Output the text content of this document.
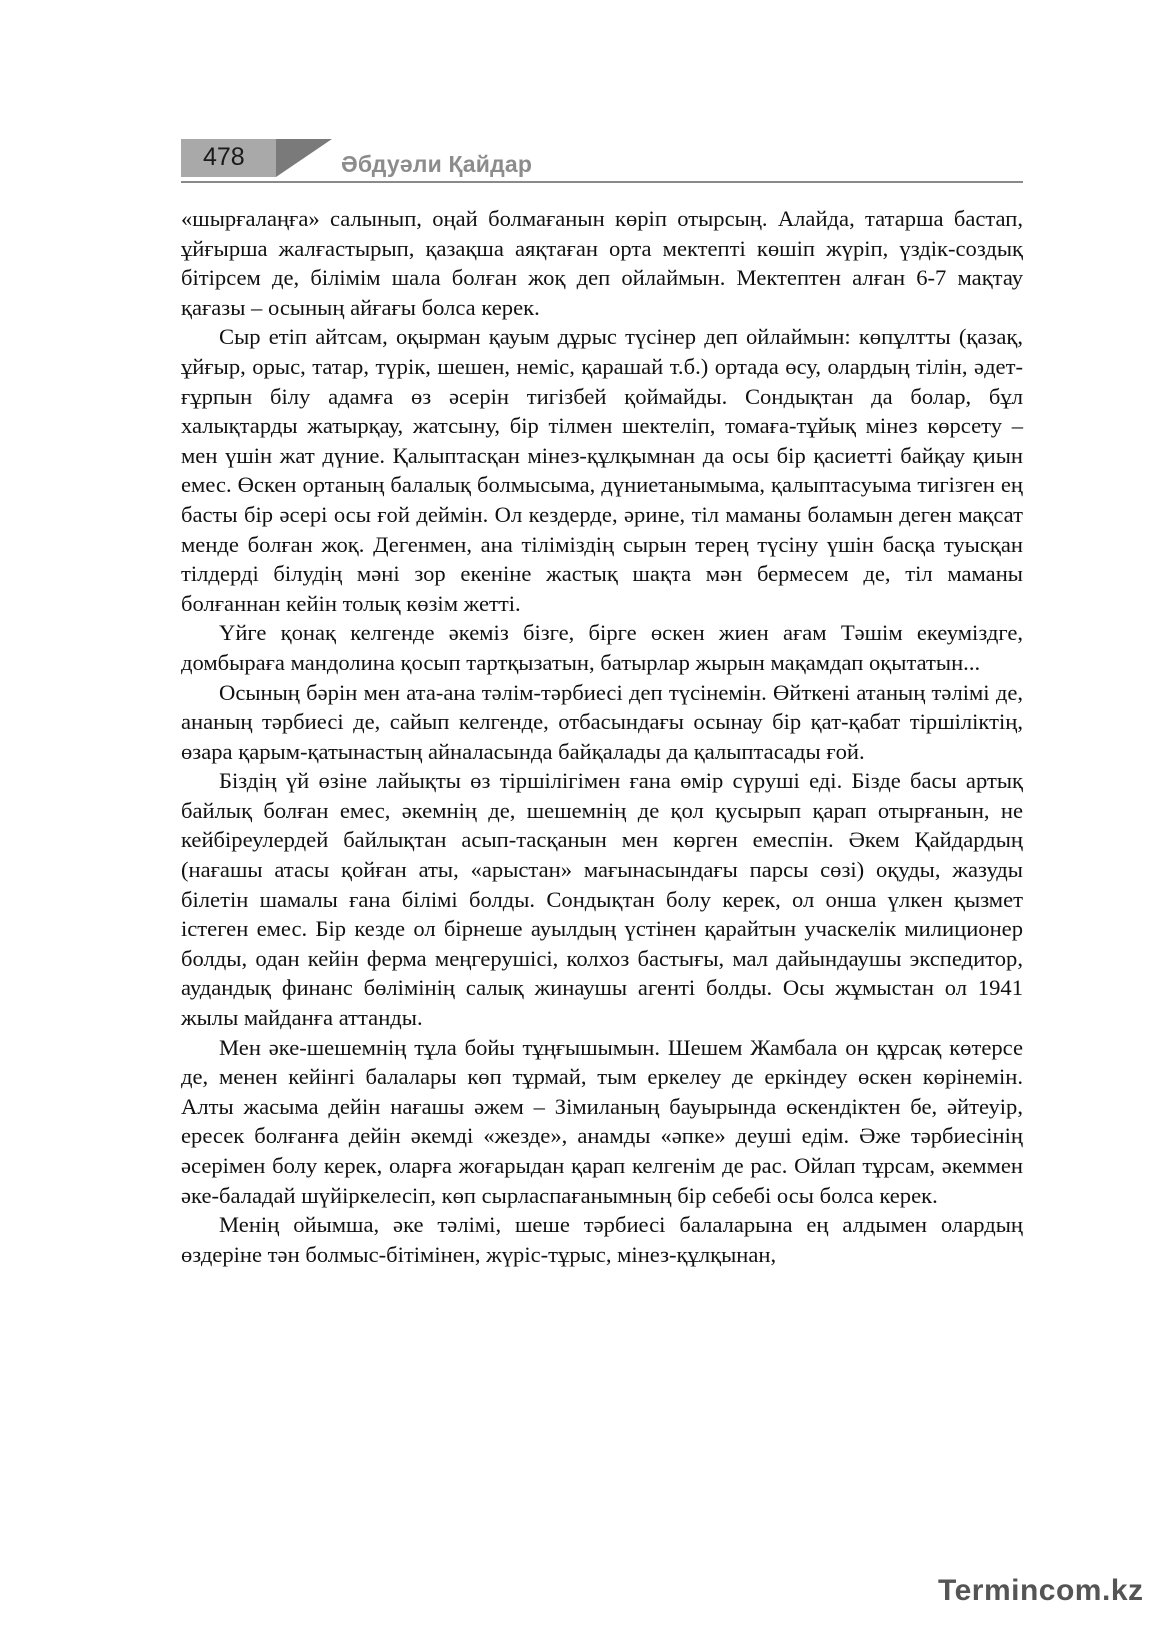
478	Әбдуәли Қайдар

«шырғалаңға» салынып, оңай болмағанын көріп отырсың. Алайда, татарша бастап, ұйғырша жалғастырып, қазақша аяқтаған орта мектепті көшіп жүріп, үздік-создық бітірсем де, білімім шала болған жоқ деп ойлаймын. Мектептен алған 6-7 мақтау қағазы – осының айғағы болса керек.

Сыр етіп айтсам, оқырман қауым дұрыс түсінер деп ойлаймын: көпұлтты (қазақ, ұйғыр, орыс, татар, түрік, шешен, неміс, қарашай т.б.) ортада өсу, олардың тілін, әдет-ғұрпын білу адамға өз әсерін тигізбей қоймайды. Сондықтан да болар, бұл халықтарды жатырқау, жатсыну, бір тілмен шектеліп, томаға-тұйық мінез көрсету – мен үшін жат дүние. Қалыптасқан мінез-құлқымнан да осы бір қасиетті байқау қиын емес. Өскен ортаның балалық болмысыма, дүниетанымыма, қалыптасуыма тигізген ең басты бір әсері осы ғой деймін. Ол кездерде, әрине, тіл маманы боламын деген мақсат менде болған жоқ. Дегенмен, ана тіліміздің сырын терең түсіну үшін басқа туысқан тілдерді білудің мәні зор екеніне жастық шақта мән бермесем де, тіл маманы болғаннан кейін толық көзім жетті.

Үйге қонақ келгенде әкеміз бізге, бірге өскен жиен ағам Тәшім екеуміздге, домбыраға мандолина қосып тартқызатын, батырлар жырын мақамдап оқытатын...

Осының бәрін мен ата-ана тәлім-тәрбиесі деп түсінемін. Өйткені атаның тәлімі де, ананың тәрбиесі де, сайып келгенде, отбасындағы осынау бір қат-қабат тіршіліктің, өзара қарым-қатынастың айналасында байқалады да қалыптасады ғой.

Біздің үй өзіне лайықты өз тіршілігімен ғана өмір сүруші еді. Бізде басы артық байлық болған емес, әкемнің де, шешемнің де қол қусырып қарап отырғанын, не кейбіреулердей байлықтан асып-тасқанын мен көрген емеспін. Әкем Қайдардың (нағашы атасы қойған аты, «арыстан» мағынасындағы парсы сөзі) оқуды, жазуды білетін шамалы ғана білімі болды. Сондықтан болу керек, ол онша үлкен қызмет істеген емес. Бір кезде ол бірнеше ауылдың үстінен қарайтын учаскелік милиционер болды, одан кейін ферма меңгерушісі, колхоз бастығы, мал дайындаушы экспедитор, аудандық финанс бөлімінің салық жинаушы агенті болды. Осы жұмыстан ол 1941 жылы майданға аттанды.

Мен әке-шешемнің тұла бойы тұңғышымын. Шешем Жамбала он құрсақ көтерсе де, менен кейінгі балалары көп тұрмай, тым еркелеу де еркіндеу өскен көрінемін. Алты жасыма дейін нағашы әжем – Зімиланың бауырында өскендіктен бе, әйтеуір, ересек болғанға дейін әкемді «жезде», анамды «әпке» деуші едім. Әже тәрбиесінің әсерімен болу керек, оларға жоғарыдан қарап келгенім де рас. Ойлап тұрсам, әкеммен әке-баладай шүйіркелесіп, көп сырласпағанымның бір себебі осы болса керек.

Менің ойымша, әке тәлімі, шеше тәрбиесі балаларына ең алдымен олардың өздеріне тән болмыс-бітімінен, жүріс-тұрыс, мінез-құлқынан,

Termincom.kz
